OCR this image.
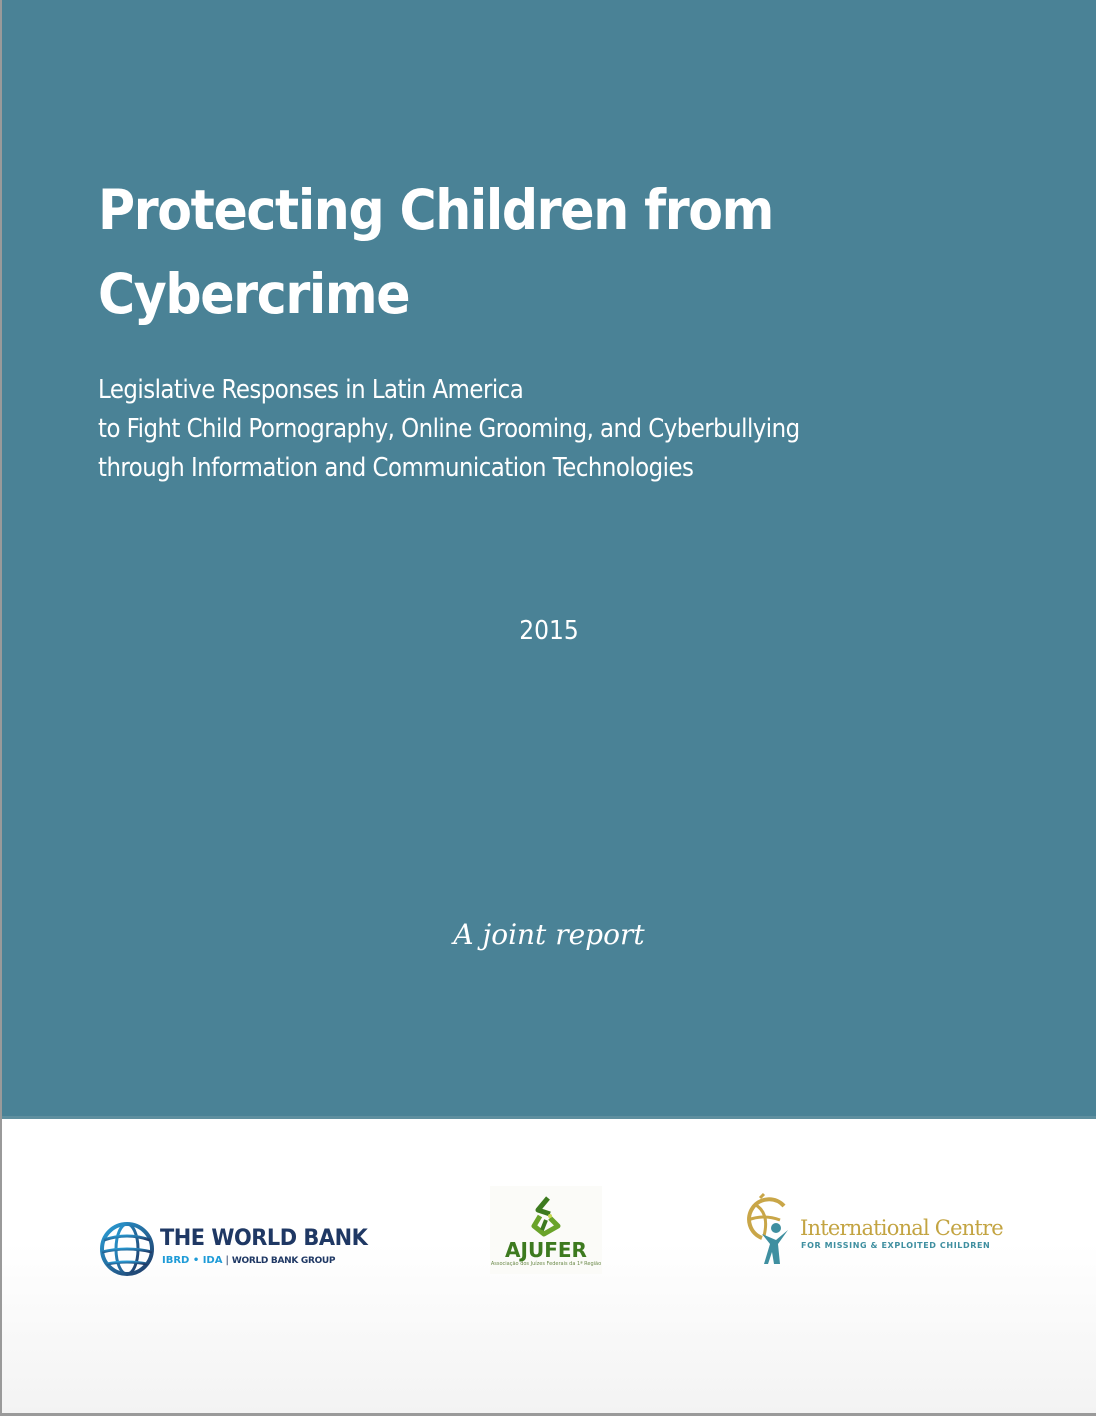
Protecting Children from
Cybercrime
Legislative Responses in Latin America
to Fight Child Pornography, Online Grooming, and Cyberbullying
through Information and Communication Technologies
2015
A joint report
THE WORLD BANK
IBRD • IDA | WORLD BANK GROUP	AJUFER
Associação dos Juízes Federais da 1ª Região
International Centre
FOR MISSING & EXPLOITED CHILDREN
